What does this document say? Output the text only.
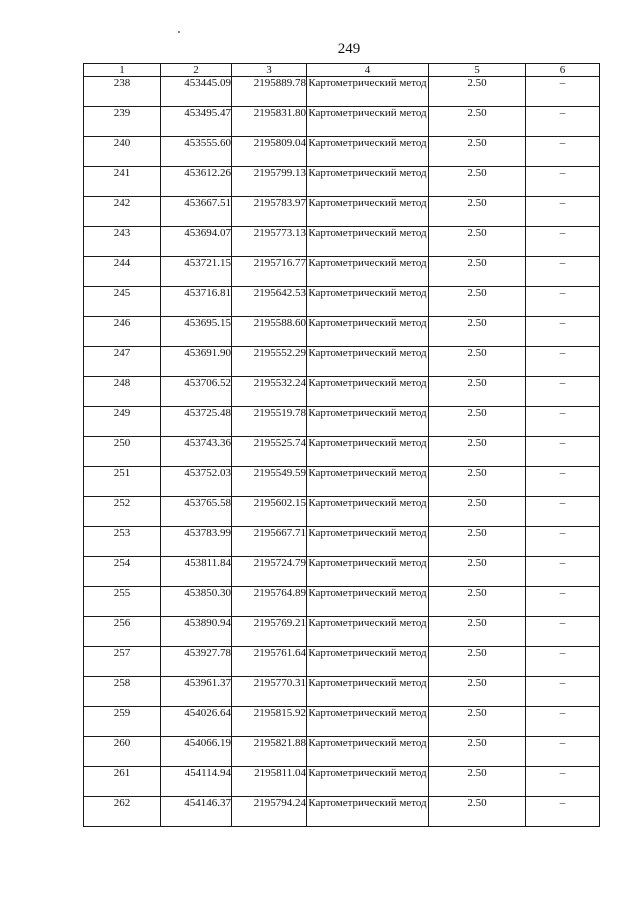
249
1	2	3	4	5	6
238	453445.09	2195889.78	Картометрический метод	2.50	–
239	453495.47	2195831.80	Картометрический метод	2.50	–
240	453555.60	2195809.04	Картометрический метод	2.50	–
241	453612.26	2195799.13	Картометрический метод	2.50	–
242	453667.51	2195783.97	Картометрический метод	2.50	–
243	453694.07	2195773.13	Картометрический метод	2.50	–
244	453721.15	2195716.77	Картометрический метод	2.50	–
245	453716.81	2195642.53	Картометрический метод	2.50	–
246	453695.15	2195588.60	Картометрический метод	2.50	–
247	453691.90	2195552.29	Картометрический метод	2.50	–
248	453706.52	2195532.24	Картометрический метод	2.50	–
249	453725.48	2195519.78	Картометрический метод	2.50	–
250	453743.36	2195525.74	Картометрический метод	2.50	–
251	453752.03	2195549.59	Картометрический метод	2.50	–
252	453765.58	2195602.15	Картометрический метод	2.50	–
253	453783.99	2195667.71	Картометрический метод	2.50	–
254	453811.84	2195724.79	Картометрический метод	2.50	–
255	453850.30	2195764.89	Картометрический метод	2.50	–
256	453890.94	2195769.21	Картометрический метод	2.50	–
257	453927.78	2195761.64	Картометрический метод	2.50	–
258	453961.37	2195770.31	Картометрический метод	2.50	–
259	454026.64	2195815.92	Картометрический метод	2.50	–
260	454066.19	2195821.88	Картометрический метод	2.50	–
261	454114.94	2195811.04	Картометрический метод	2.50	–
262	454146.37	2195794.24	Картометрический метод	2.50	–
